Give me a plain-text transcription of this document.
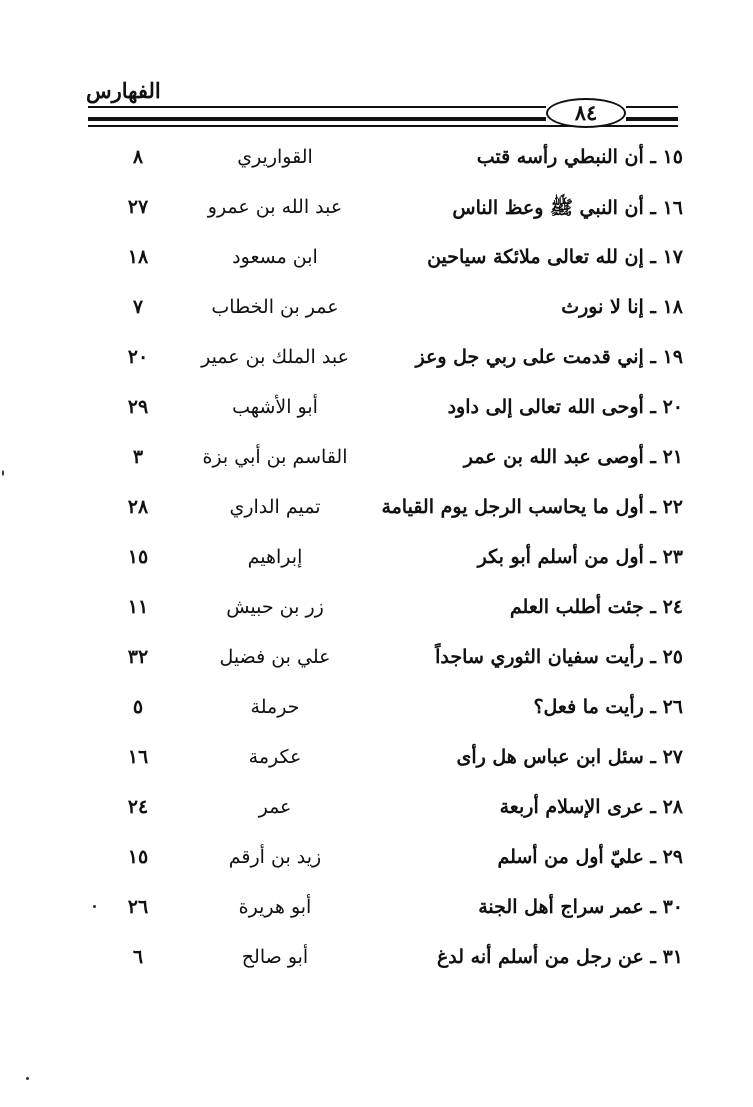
الفهارس
٨٤
١٥ ـ أن النبطي رأسه قتب
القواريري
٨
١٦ ـ أن النبي ﷺ وعظ الناس
عبد الله بن عمرو
٢٧
١٧ ـ إن لله تعالى ملائكة سياحين
ابن مسعود
١٨
١٨ ـ إنا لا نورث
عمر بن الخطاب
٧
١٩ ـ إني قدمت على ربي جل وعز
عبد الملك بن عمير
٢٠
٢٠ ـ أوحى الله تعالى إلى داود
أبو الأشهب
٢٩
٢١ ـ أوصى عبد الله بن عمر
القاسم بن أبي بزة
٣
٢٢ ـ أول ما يحاسب الرجل يوم القيامة
تميم الداري
٢٨
٢٣ ـ أول من أسلم أبو بكر
إبراهيم
١٥
٢٤ ـ جئت أطلب العلم
زر بن حبيش
١١
٢٥ ـ رأيت سفيان الثوري ساجداً
علي بن فضيل
٣٢
٢٦ ـ رأيت ما فعل؟
حرملة
٥
٢٧ ـ سئل ابن عباس هل رأى
عكرمة
١٦
٢٨ ـ عرى الإسلام أربعة
عمر
٢٤
٢٩ ـ عليّ أول من أسلم
زيد بن أرقم
١٥
٣٠ ـ عمر سراج أهل الجنة
أبو هريرة
٢٦
٣١ ـ عن رجل من أسلم أنه لدغ
أبو صالح
٦
